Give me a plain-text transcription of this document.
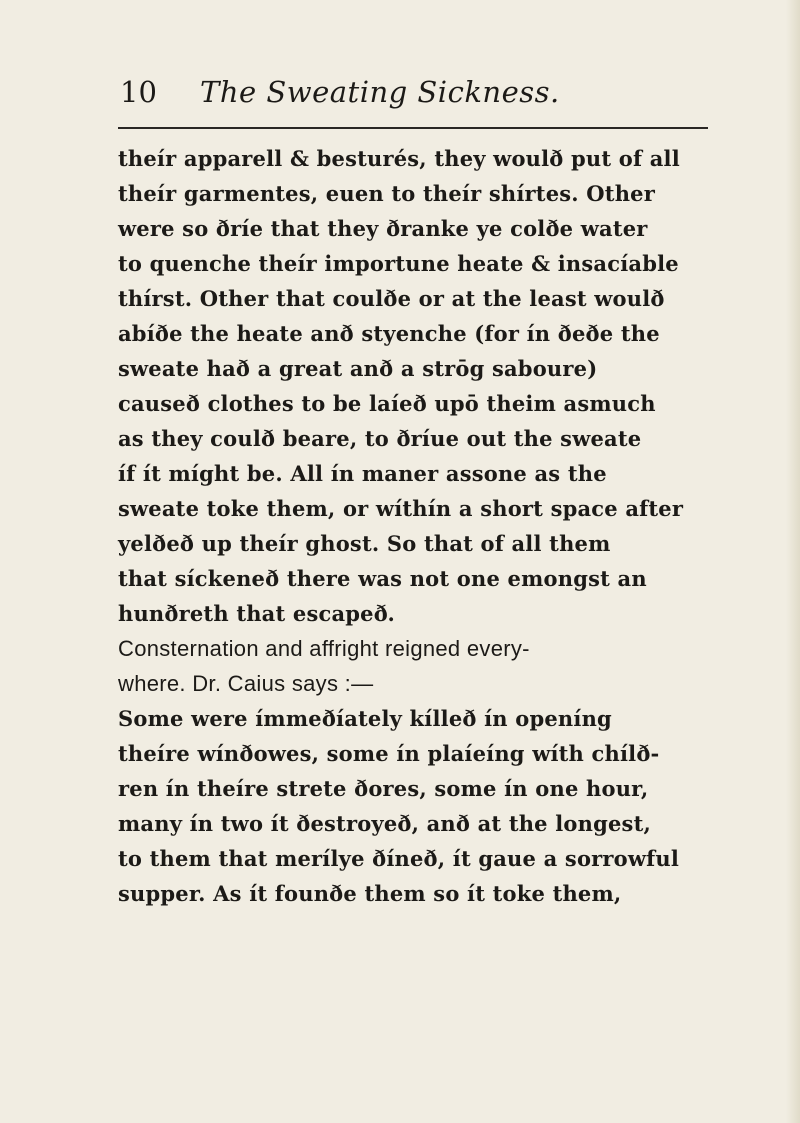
10 The Sweating Sickness.
theír apparell & besturés, they woulð put of all
theír garmentes, euen to theír shírtes. Other
were so ðríe that they ðranke ye colðe water
to quenche theír importune heate & insacíable
thírst. Other that coulðe or at the least woulð
abíðe the heate anð styenche (for ín ðeðe the
sweate hað a great anð a strōg sabourе)
causeð clothes to be laíeð upō theim asmuch
as they coulð beare, to ðríue out the sweate
íf ít míght be. All ín maner assone as the
sweate toke them, or wíthín a short space after
yelðeð up theír ghost. So that of all them
that síckeneð there was not one emongst an
hunðreth that escapeð.
Consternation and affright reigned every-
where. Dr. Caius says :—
Some were ímmeðíately kílleð ín openíng
theíre wínðowes, some ín plaíeíng wíth chílð-
ren ín theíre strete ðores, some ín one hour,
many ín two ít ðestroyeð, anð at the longest,
to them that merílye ðíneð, ít gaue a sorrowful
supper. As ít founðe them so ít toke them,
